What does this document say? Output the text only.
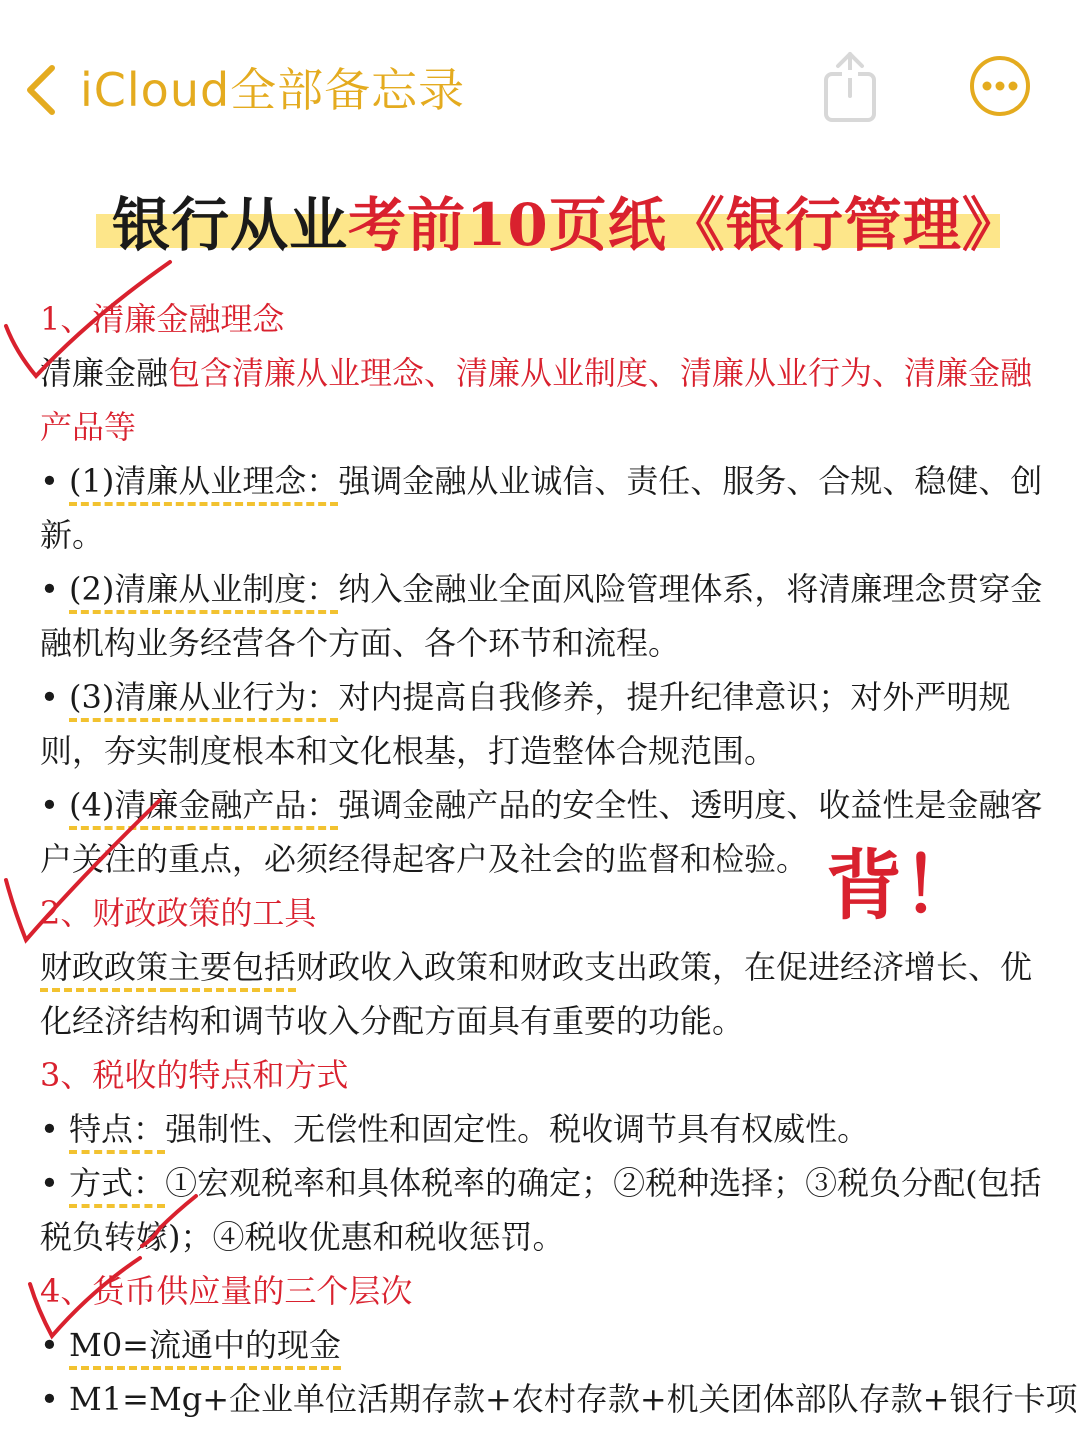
iCloud全部备忘录
银行从业考前10页纸《银行管理》
1、清廉金融理念
清廉金融包含清廉从业理念、清廉从业制度、清廉从业行为、清廉金融
产品等
• (1)清廉从业理念：强调金融从业诚信、责任、服务、合规、稳健、创
新。
• (2)清廉从业制度：纳入金融业全面风险管理体系，将清廉理念贯穿金
融机构业务经营各个方面、各个环节和流程。
• (3)清廉从业行为：对内提高自我修养，提升纪律意识；对外严明规
则，夯实制度根本和文化根基，打造整体合规范围。
• (4)清廉金融产品：强调金融产品的安全性、透明度、收益性是金融客
户关注的重点，必须经得起客户及社会的监督和检验。
2、财政政策的工具
财政政策主要包括财政收入政策和财政支出政策，在促进经济增长、优
化经济结构和调节收入分配方面具有重要的功能。
3、税收的特点和方式
• 特点：强制性、无偿性和固定性。税收调节具有权威性。
• 方式：①宏观税率和具体税率的确定；②税种选择；③税负分配(包括
税负转嫁)；④税收优惠和税收惩罚。
4、货币供应量的三个层次
• M0=流通中的现金
• M1=Mg+企业单位活期存款+农村存款+机关团体部队存款+银行卡项
背！
